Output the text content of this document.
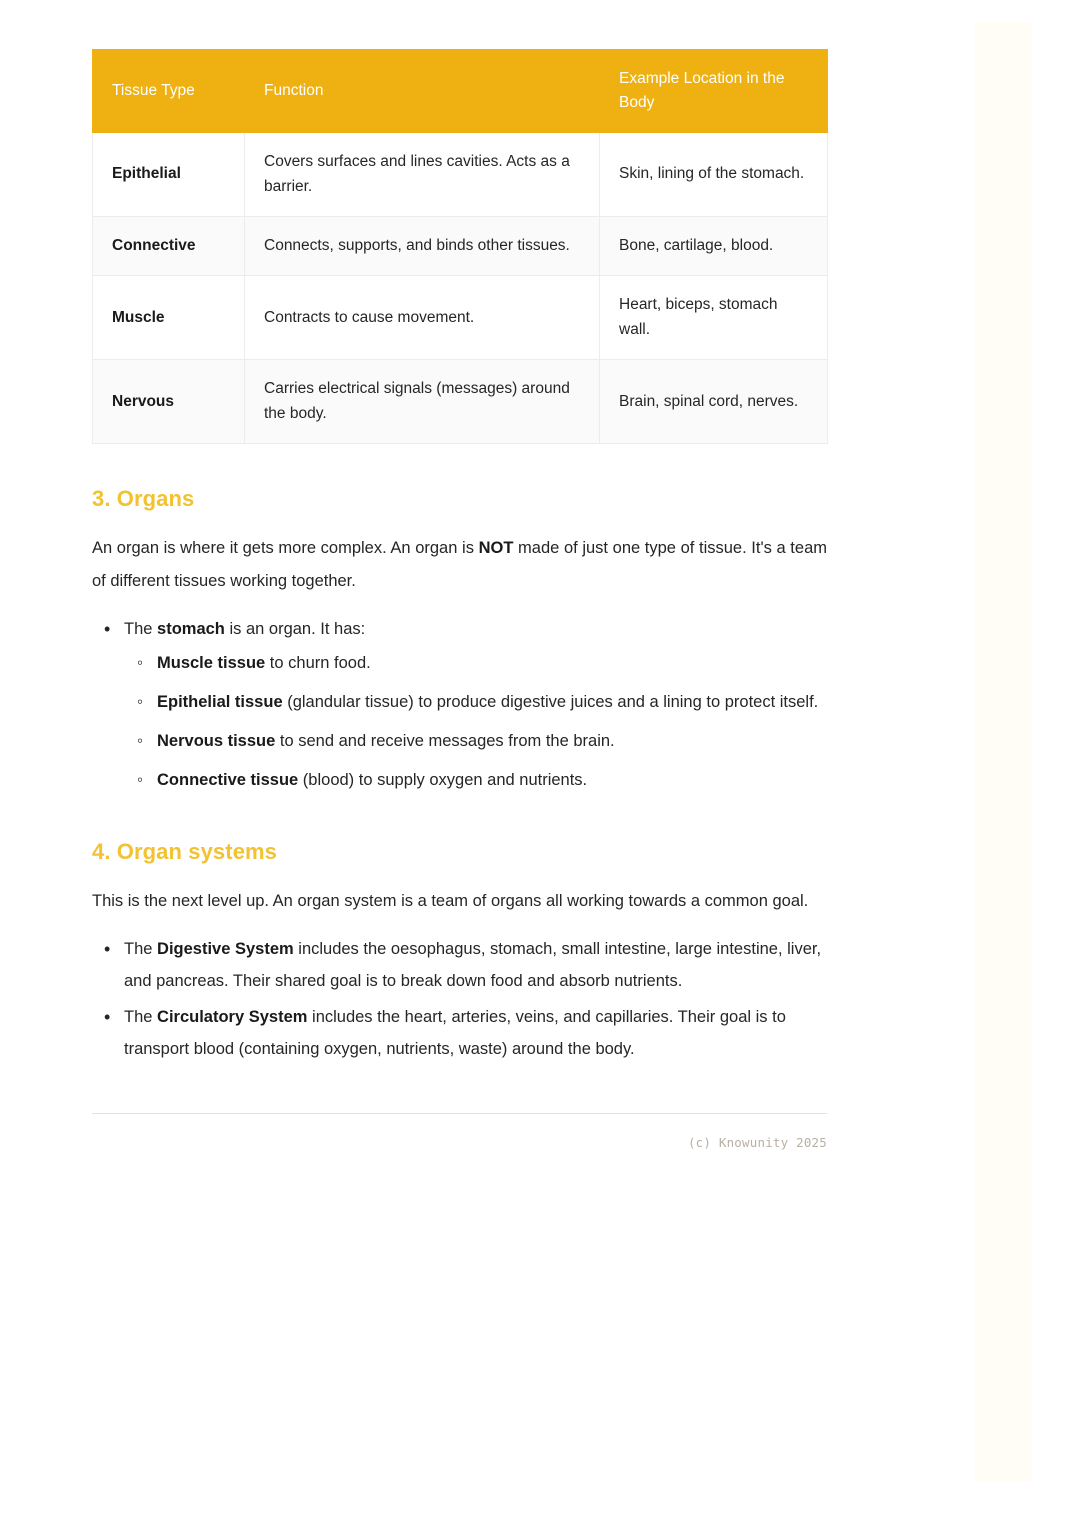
Tissue Type	Function	Example Location in the Body
Epithelial	Covers surfaces and lines cavities. Acts as a barrier.	Skin, lining of the stomach.
Connective	Connects, supports, and binds other tissues.	Bone, cartilage, blood.
Muscle	Contracts to cause movement.	Heart, biceps, stomach wall.
Nervous	Carries electrical signals (messages) around the body.	Brain, spinal cord, nerves.
3. Organs

An organ is where it gets more complex. An organ is NOT made of just one type of tissue. It's a team of different tissues working together.

• The stomach is an organ. It has:
◦ Muscle tissue to churn food.
◦ Epithelial tissue (glandular tissue) to produce digestive juices and a lining to protect itself.
◦ Nervous tissue to send and receive messages from the brain.
◦ Connective tissue (blood) to supply oxygen and nutrients.
4. Organ systems

This is the next level up. An organ system is a team of organs all working towards a common goal.

• The Digestive System includes the oesophagus, stomach, small intestine, large intestine, liver, and pancreas. Their shared goal is to break down food and absorb nutrients.
• The Circulatory System includes the heart, arteries, veins, and capillaries. Their goal is to transport blood (containing oxygen, nutrients, waste) around the body.
(c) Knowunity 2025
